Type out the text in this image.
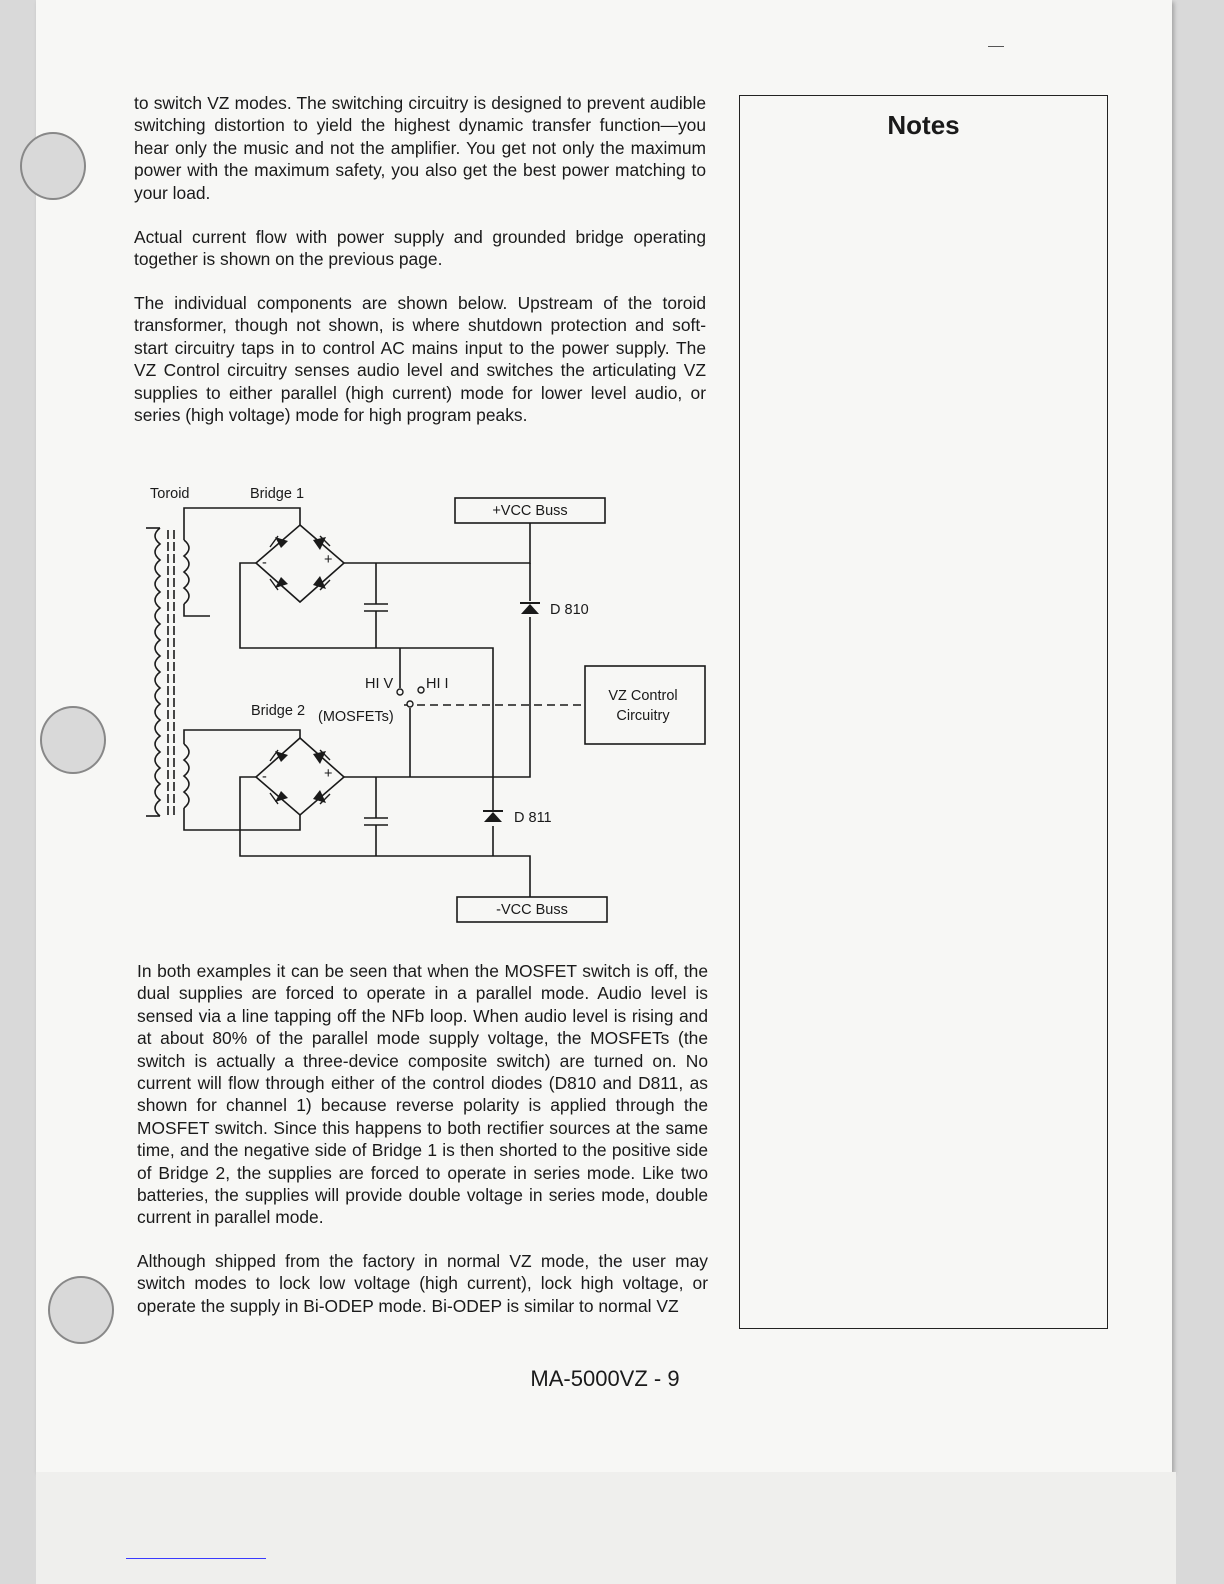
to switch VZ modes. The switching circuitry is designed to prevent audible switching distortion to yield the highest dynamic transfer function—you hear only the music and not the amplifier. You get not only the maximum power with the maximum safety, you also get the best power matching to your load.

Actual current flow with power supply and grounded bridge operating together is shown on the previous page.

The individual components are shown below. Upstream of the toroid transformer, though not shown, is where shutdown protection and soft-start circuitry taps in to control AC mains input to the power supply. The VZ Control circuitry senses audio level and switches the articulating VZ supplies to either parallel (high current) mode for lower level audio, or series (high voltage) mode for high program peaks.

In both examples it can be seen that when the MOSFET switch is off, the dual supplies are forced to operate in a parallel mode. Audio level is sensed via a line tapping off the NFb loop. When audio level is rising and at about 80% of the parallel mode supply voltage, the MOSFETs (the switch is actually a three-device composite switch) are turned on. No current will flow through either of the control diodes (D810 and D811, as shown for channel 1) because reverse polarity is applied through the MOSFET switch. Since this happens to both rectifier sources at the same time, and the negative side of Bridge 1 is then shorted to the positive side of Bridge 2, the supplies are forced to operate in series mode. Like two batteries, the supplies will provide double voltage in series mode, double current in parallel mode.

Although shipped from the factory in normal VZ mode, the user may switch modes to lock low voltage (high current), lock high voltage, or operate the supply in Bi-ODEP mode. Bi-ODEP is similar to normal VZ

Notes
-	+
-	+
Toroid	Bridge 1
Bridge 2 (MOSFETs)
HI V HI I
+VCC Buss
-VCC Buss
D 810
D 811
VZ Control
Circuitry
MA-5000VZ - 9
